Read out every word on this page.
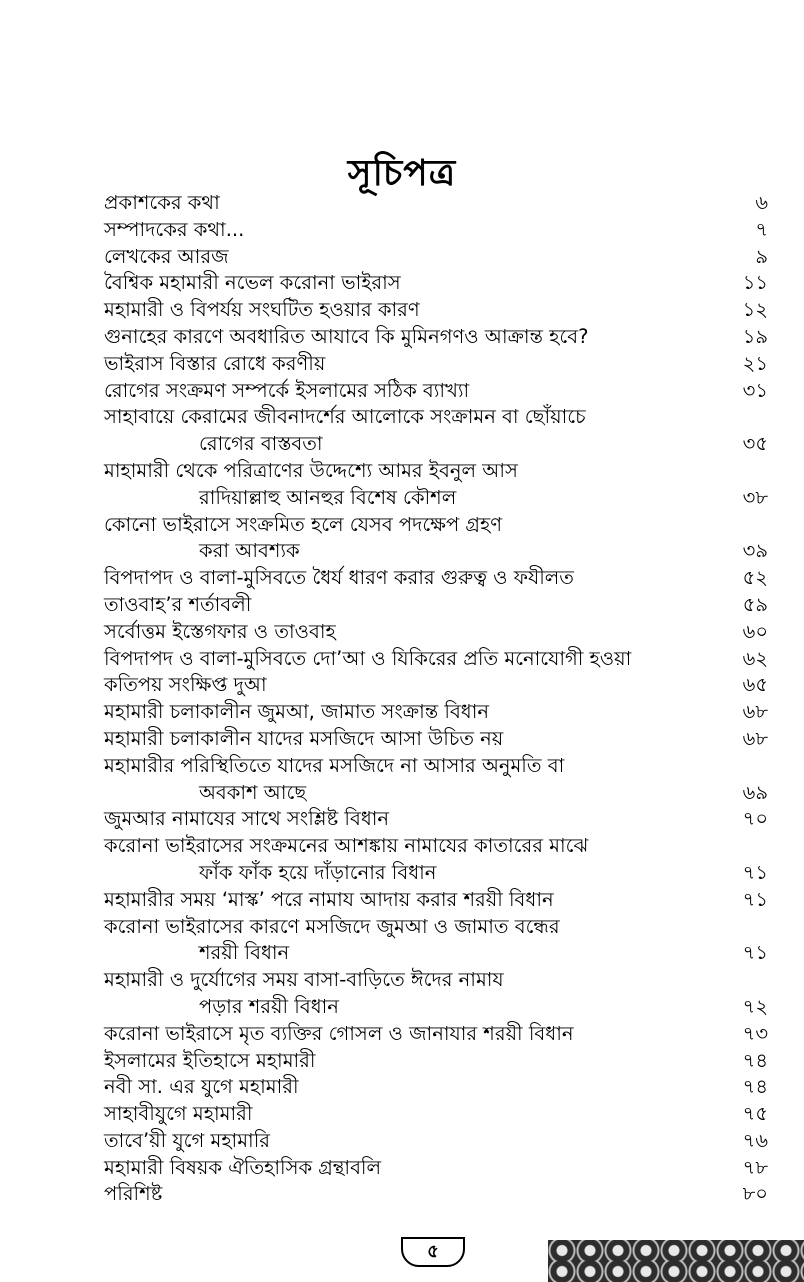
সূচিপত্র
প্রকাশকের কথা	৬
সম্পাদকের কথা...	৭
লেখকের আরজ	৯
বৈশ্বিক মহামারী নভেল করোনা ভাইরাস	১১
মহামারী ও বিপর্যয় সংঘটিত হওয়ার কারণ	১২
গুনাহের কারণে অবধারিত আযাবে কি মুমিনগণও আক্রান্ত হবে?	১৯
ভাইরাস বিস্তার রোধে করণীয়	২১
রোগের সংক্রমণ সম্পর্কে ইসলামের সঠিক ব্যাখ্যা	৩১
সাহাবায়ে কেরামের জীবনাদর্শের আলোকে সংক্রামন বা ছোঁয়াচে
রোগের বাস্তবতা	৩৫
মাহামারী থেকে পরিত্রাণের উদ্দেশ্যে আমর ইবনুল আস
রাদিয়াল্লাহু আনহুর বিশেষ কৌশল	৩৮
কোনো ভাইরাসে সংক্রমিত হলে যেসব পদক্ষেপ গ্রহণ
করা আবশ্যক	৩৯
বিপদাপদ ও বালা-মুসিবতে ধৈর্য ধারণ করার গুরুত্ব ও ফযীলত	৫২
তাওবাহ’র শর্তাবলী	৫৯
সর্বোত্তম ইস্তেগফার ও তাওবাহ	৬০
বিপদাপদ ও বালা-মুসিবতে দো’আ ও যিকিরের প্রতি মনোযোগী হওয়া	৬২
কতিপয় সংক্ষিপ্ত দুআ	৬৫
মহামারী চলাকালীন জুমআ, জামাত সংক্রান্ত বিধান	৬৮
মহামারী চলাকালীন যাদের মসজিদে আসা উচিত নয়	৬৮
মহামারীর পরিস্থিতিতে যাদের মসজিদে না আসার অনুমতি বা
অবকাশ আছে	৬৯
জুমআর নামাযের সাথে সংশ্লিষ্ট বিধান	৭০
করোনা ভাইরাসের সংক্রমনের আশঙ্কায় নামাযের কাতারের মাঝে
ফাঁক ফাঁক হয়ে দাঁড়ানোর বিধান	৭১
মহামারীর সময় ‘মাস্ক’ পরে নামায আদায় করার শরয়ী বিধান	৭১
করোনা ভাইরাসের কারণে মসজিদে জুমআ ও জামাত বন্ধের
শরয়ী বিধান	৭১
মহামারী ও দুর্যোগের সময় বাসা-বাড়িতে ঈদের নামায
পড়ার শরয়ী বিধান	৭২
করোনা ভাইরাসে মৃত ব্যক্তির গোসল ও জানাযার শরয়ী বিধান	৭৩
ইসলামের ইতিহাসে মহামারী	৭৪
নবী সা. এর যুগে মহামারী	৭৪
সাহাবীযুগে মহামারী	৭৫
তাবে’য়ী যুগে মহামারি	৭৬
মহামারী বিষয়ক ঐতিহাসিক গ্রন্থাবলি	৭৮
পরিশিষ্ট	৮০
৫
